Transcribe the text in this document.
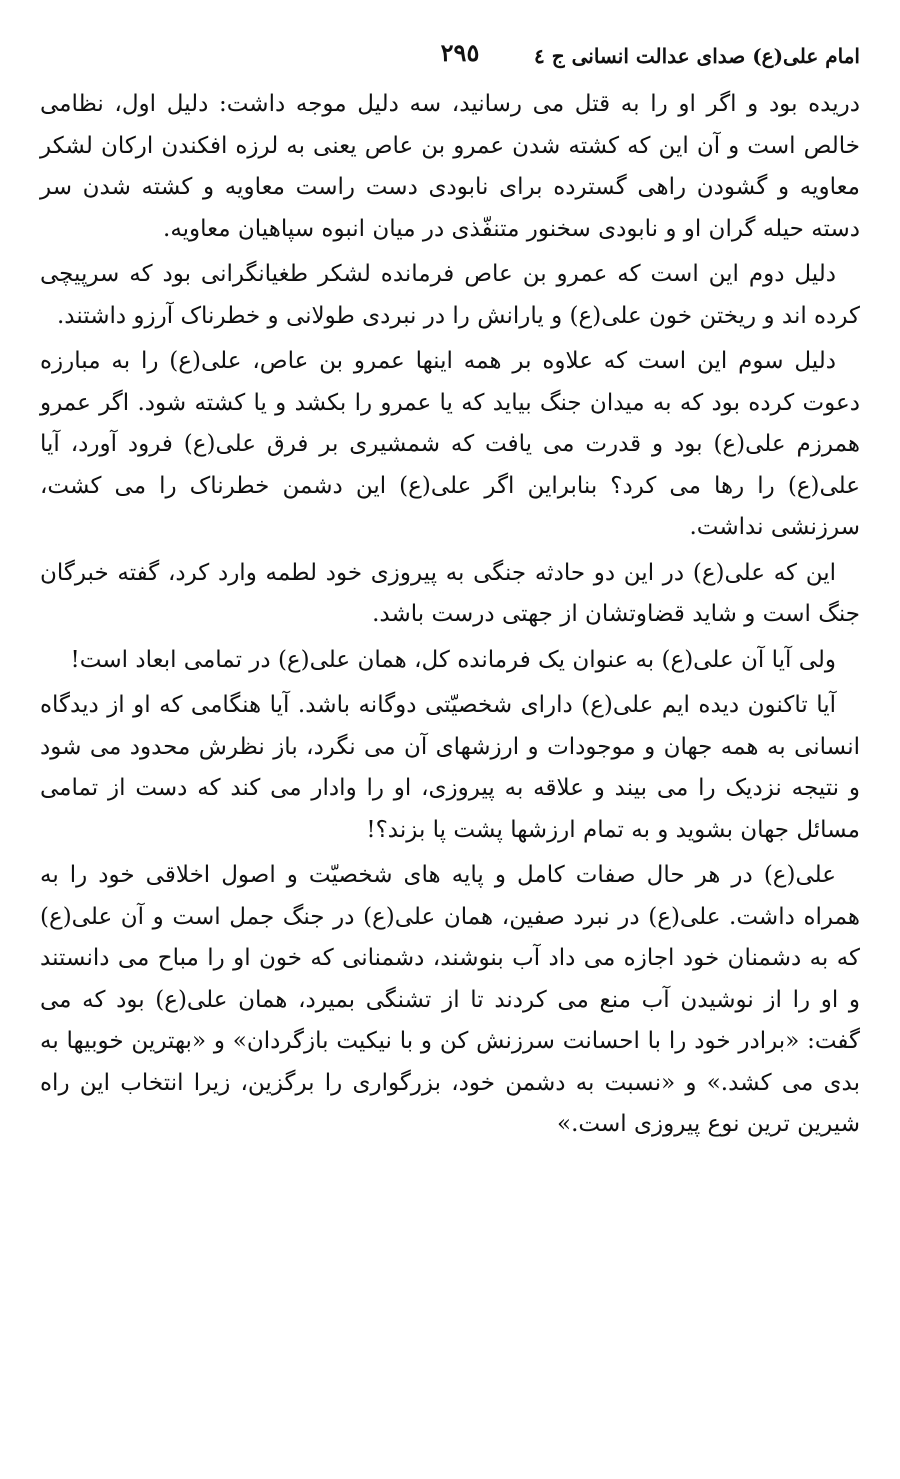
امام علی(ع) صدای عدالت انسانی ج ٤
٢٩٥

دریده بود و اگر او را به قتل می رسانید، سه دلیل موجه داشت: دلیل اول، نظامی خالص است و آن این که کشته شدن عمرو بن عاص یعنی به لرزه افکندن ارکان لشکر معاویه و گشودن راهی گسترده برای نابودی دست راست معاویه و کشته شدن سر دسته حیله گران او و نابودی سخنور متنفّذی در میان انبوه سپاهیان معاویه.

دلیل دوم این است که عمرو بن عاص فرمانده لشکر طغیانگرانی بود که سرپیچی کرده اند و ریختن خون علی(ع) و یارانش را در نبردی طولانی و خطرناک آرزو داشتند.

دلیل سوم این است که علاوه بر همه اینها عمرو بن عاص، علی(ع) را به مبارزه دعوت کرده بود که به میدان جنگ بیاید که یا عمرو را بکشد و یا کشته شود. اگر عمرو همرزم علی(ع) بود و قدرت می یافت که شمشیری بر فرق علی(ع) فرود آورد، آیا علی(ع) را رها می کرد؟ بنابراین اگر علی(ع) این دشمن خطرناک را می کشت، سرزنشی نداشت.

این که علی(ع) در این دو حادثه جنگی به پیروزی خود لطمه وارد کرد، گفته خبرگان جنگ است و شاید قضاوتشان از جهتی درست باشد.

ولی آیا آن علی(ع) به عنوان یک فرمانده کل، همان علی(ع) در تمامی ابعاد است!

آیا تاکنون دیده ایم علی(ع) دارای شخصیّتی دوگانه باشد. آیا هنگامی که او از دیدگاه انسانی به همه جهان و موجودات و ارزشهای آن می نگرد، باز نظرش محدود می شود و نتیجه نزدیک را می بیند و علاقه به پیروزی، او را وادار می کند که دست از تمامی مسائل جهان بشوید و به تمام ارزشها پشت پا بزند؟!

علی(ع) در هر حال صفات کامل و پایه های شخصیّت و اصول اخلاقی خود را به همراه داشت. علی(ع) در نبرد صفین، همان علی(ع) در جنگ جمل است و آن علی(ع) که به دشمنان خود اجازه می داد آب بنوشند، دشمنانی که خون او را مباح می دانستند و او را از نوشیدن آب منع می کردند تا از تشنگی بمیرد، همان علی(ع) بود که می گفت: «برادر خود را با احسانت سرزنش کن و با نیکیت بازگردان» و «بهترین خوبیها به بدی می کشد.» و «نسبت به دشمن خود، بزرگواری را برگزین، زیرا انتخاب این راه شیرین ترین نوع پیروزی است.»
